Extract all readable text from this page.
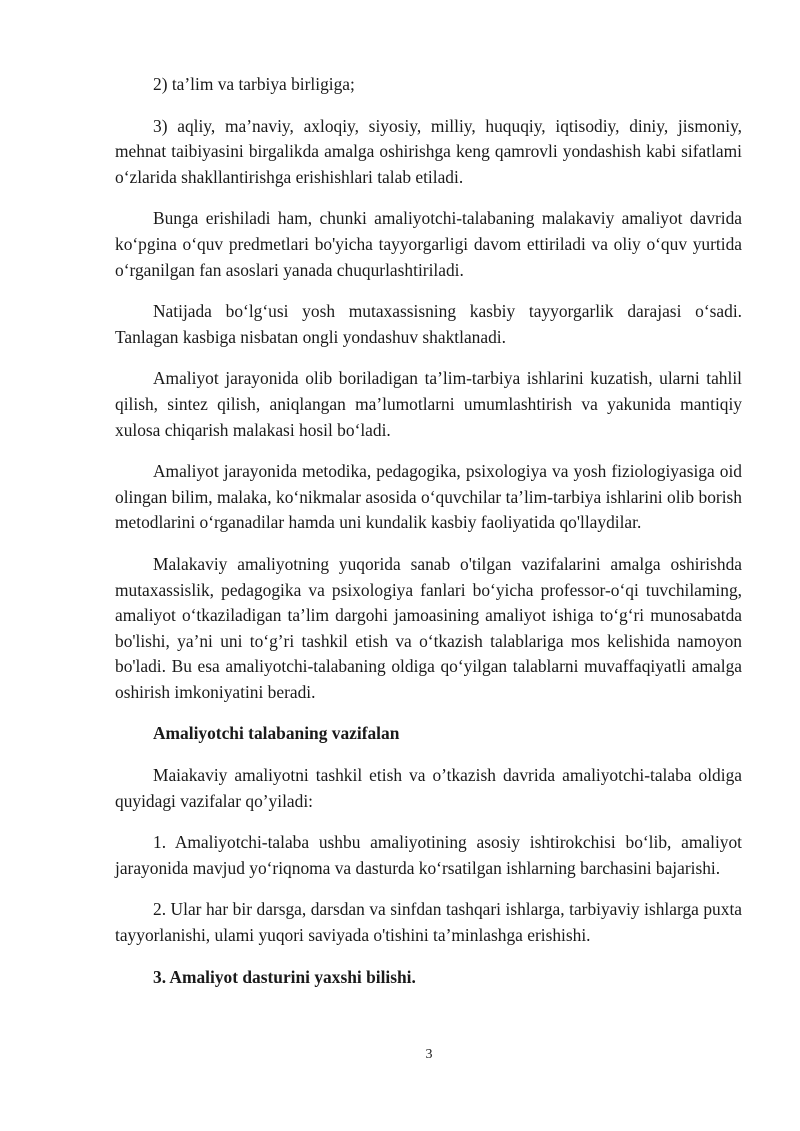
2) ta’lim va tarbiya birligiga;

3) aqliy, ma’naviy, axloqiy, siyosiy, milliy, huquqiy, iqtisodiy, diniy, jismoniy, mehnat taibiyasini birgalikda amalga oshirishga keng qamrovli yondashish kabi sifatlami o‘zlarida shakllantirishga erishishlari talab etiladi.

Bunga erishiladi ham, chunki amaliyotchi-talabaning malakaviy amaliyot davrida ko‘pgina o‘quv predmetlari bo'yicha tayyorgarligi davom ettiriladi va oliy o‘quv yurtida o‘rganilgan fan asoslari yanada chuqurlashtiriladi.

Natijada bo‘lg‘usi yosh mutaxassisning kasbiy tayyorgarlik darajasi o‘sadi. Tanlagan kasbiga nisbatan ongli yondashuv shaktlanadi.

Amaliyot jarayonida olib boriladigan ta’lim-tarbiya ishlarini kuzatish, ularni tahlil qilish, sintez qilish, aniqlangan ma’lumotlarni umumlashtirish va yakunida mantiqiy xulosa chiqarish malakasi hosil bo‘ladi.

Amaliyot jarayonida metodika, pedagogika, psixologiya va yosh fiziologiyasiga oid olingan bilim, malaka, ko‘nikmalar asosida o‘quvchilar ta’lim-tarbiya ishlarini olib borish metodlarini o‘rganadilar hamda uni kundalik kasbiy faoliyatida qo'llaydilar.

Malakaviy amaliyotning yuqorida sanab o'tilgan vazifalarini amalga oshirishda mutaxassislik, pedagogika va psixologiya fanlari bo‘yicha professor-o‘qi tuvchilaming, amaliyot o‘tkaziladigan ta’lim dargohi jamoasining amaliyot ishiga to‘g‘ri munosabatda bo'lishi, ya’ni uni to‘g’ri tashkil etish va o‘tkazish talablariga mos kelishida namoyon bo'ladi. Bu esa amaliyotchi-talabaning oldiga qo‘yilgan talablarni muvaffaqiyatli amalga oshirish imkoniyatini beradi.

Amaliyotchi talabaning vazifalan

Maiakaviy amaliyotni tashkil etish va o’tkazish davrida amaliyotchi-talaba oldiga quyidagi vazifalar qo’yiladi:

1. Amaliyotchi-talaba ushbu amaliyotining asosiy ishtirokchisi bo‘lib, amaliyot jarayonida mavjud yo‘riqnoma va dasturda ko‘rsatilgan ishlarning barchasini bajarishi.

2. Ular har bir darsga, darsdan va sinfdan tashqari ishlarga, tarbiyaviy ishlarga puxta tayyorlanishi, ulami yuqori saviyada o'tishini ta’minlashga erishishi.

3. Amaliyot dasturini yaxshi bilishi.

3
